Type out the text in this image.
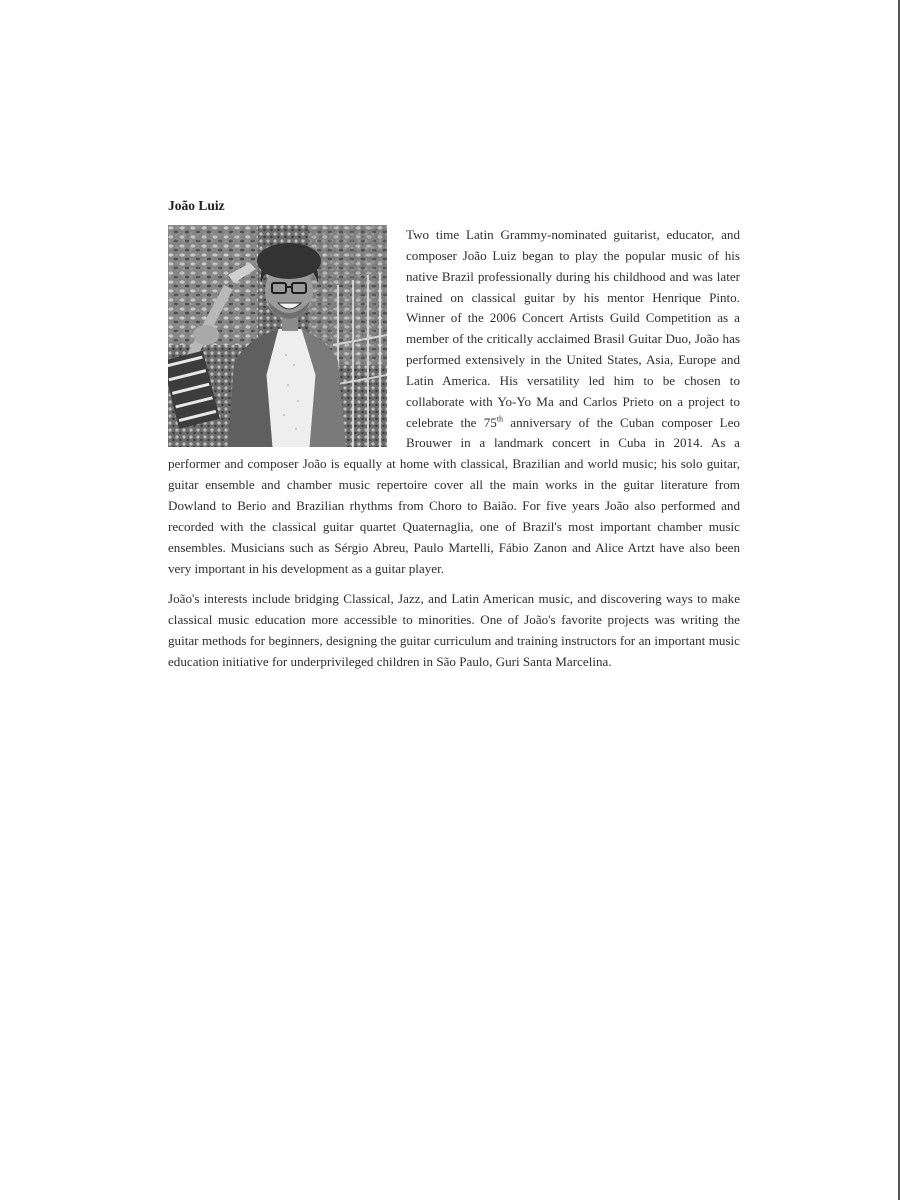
João Luiz

Two time Latin Grammy-nominated guitarist, educator, and composer João Luiz began to play the popular music of his native Brazil professionally during his childhood and was later trained on classical guitar by his mentor Henrique Pinto. Winner of the 2006 Concert Artists Guild Competition as a member of the critically acclaimed Brasil Guitar Duo, João has performed extensively in the United States, Asia, Europe and Latin America. His versatility led him to be chosen to collaborate with Yo-Yo Ma and Carlos Prieto on a project to celebrate the 75th anniversary of the Cuban composer Leo Brouwer in a landmark concert in Cuba in 2014. As a performer and composer João is equally at home with classical, Brazilian and world music; his solo guitar, guitar ensemble and chamber music repertoire cover all the main works in the guitar literature from Dowland to Berio and Brazilian rhythms from Choro to Baião. For five years João also performed and recorded with the classical guitar quartet Quaternaglia, one of Brazil's most important chamber music ensembles. Musicians such as Sérgio Abreu, Paulo Martelli, Fábio Zanon and Alice Artzt have also been very important in his development as a guitar player.

João's interests include bridging Classical, Jazz, and Latin American music, and discovering ways to make classical music education more accessible to minorities. One of João's favorite projects was writing the guitar methods for beginners, designing the guitar curriculum and training instructors for an important music education initiative for underprivileged children in São Paulo, Guri Santa Marcelina.
